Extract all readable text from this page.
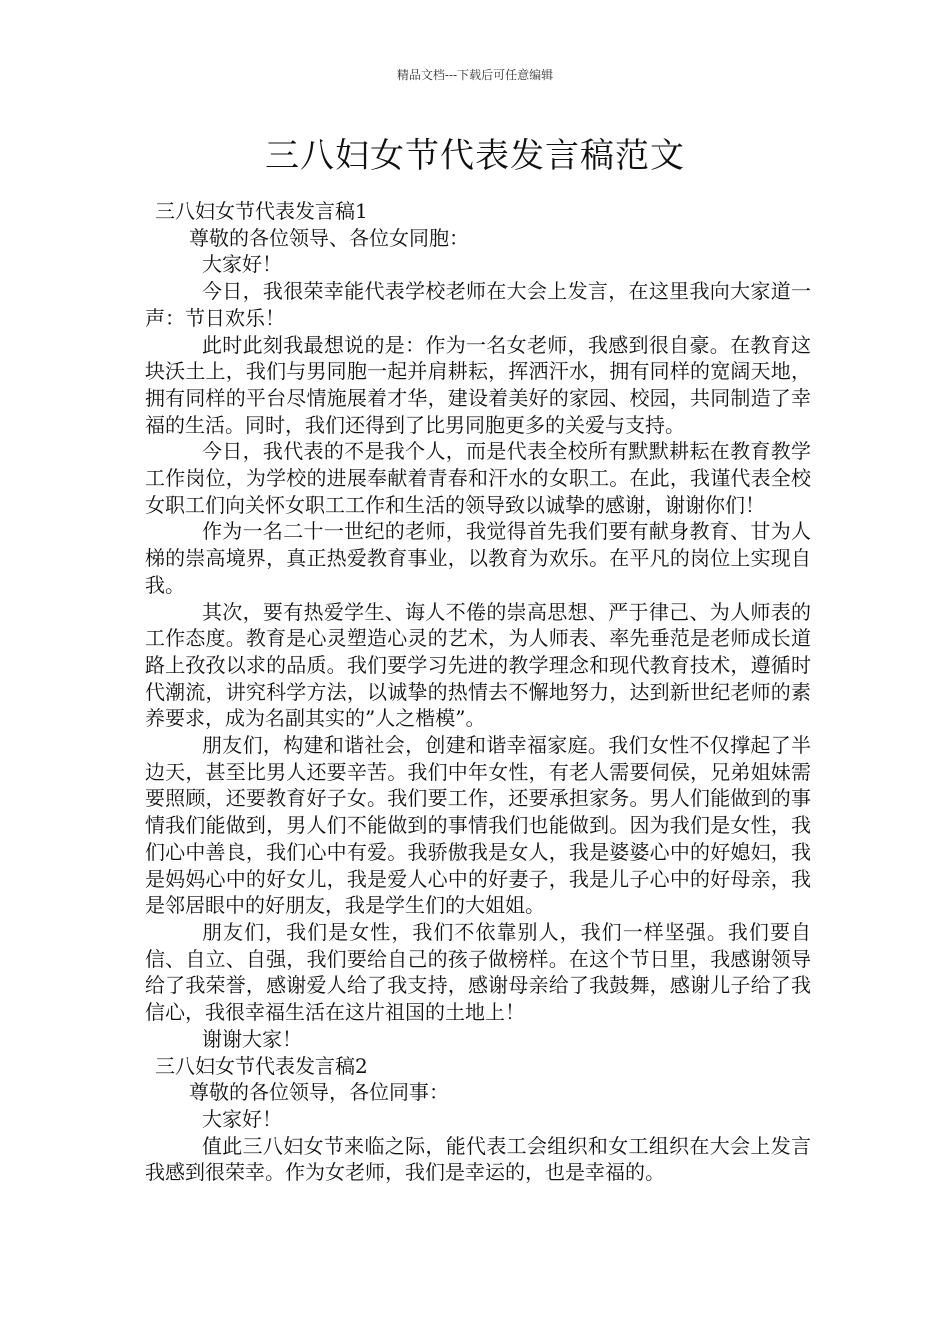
精品文档---下载后可任意编辑
三八妇女节代表发言稿范文

三八妇女节代表发言稿1

尊敬的各位领导、各位女同胞：

大家好！

今日，我很荣幸能代表学校老师在大会上发言，在这里我向大家道一声：节日欢乐！

此时此刻我最想说的是：作为一名女老师，我感到很自豪。在教育这块沃土上，我们与男同胞一起并肩耕耘，挥洒汗水，拥有同样的宽阔天地，拥有同样的平台尽情施展着才华，建设着美好的家园、校园，共同制造了幸福的生活。同时，我们还得到了比男同胞更多的关爱与支持。

今日，我代表的不是我个人，而是代表全校所有默默耕耘在教育教学工作岗位，为学校的进展奉献着青春和汗水的女职工。在此，我谨代表全校女职工们向关怀女职工工作和生活的领导致以诚挚的感谢，谢谢你们！

作为一名二十一世纪的老师，我觉得首先我们要有献身教育、甘为人梯的崇高境界，真正热爱教育事业，以教育为欢乐。在平凡的岗位上实现自我。

其次，要有热爱学生、诲人不倦的崇高思想、严于律己、为人师表的工作态度。教育是心灵塑造心灵的艺术，为人师表、率先垂范是老师成长道路上孜孜以求的品质。我们要学习先进的教学理念和现代教育技术，遵循时代潮流，讲究科学方法，以诚挚的热情去不懈地努力，达到新世纪老师的素养要求，成为名副其实的”人之楷模”。

朋友们，构建和谐社会，创建和谐幸福家庭。我们女性不仅撑起了半边天，甚至比男人还要辛苦。我们中年女性，有老人需要伺侯，兄弟姐妹需要照顾，还要教育好子女。我们要工作，还要承担家务。男人们能做到的事情我们能做到，男人们不能做到的事情我们也能做到。因为我们是女性，我们心中善良，我们心中有爱。我骄傲我是女人，我是婆婆心中的好媳妇，我是妈妈心中的好女儿，我是爱人心中的好妻子，我是儿子心中的好母亲，我是邻居眼中的好朋友，我是学生们的大姐姐。

朋友们，我们是女性，我们不依靠别人，我们一样坚强。我们要自信、自立、自强，我们要给自己的孩子做榜样。在这个节日里，我感谢领导给了我荣誉，感谢爱人给了我支持，感谢母亲给了我鼓舞，感谢儿子给了我信心，我很幸福生活在这片祖国的土地上！

谢谢大家！

三八妇女节代表发言稿2

尊敬的各位领导，各位同事：

大家好！

值此三八妇女节来临之际，能代表工会组织和女工组织在大会上发言我感到很荣幸。作为女老师，我们是幸运的，也是幸福的。
